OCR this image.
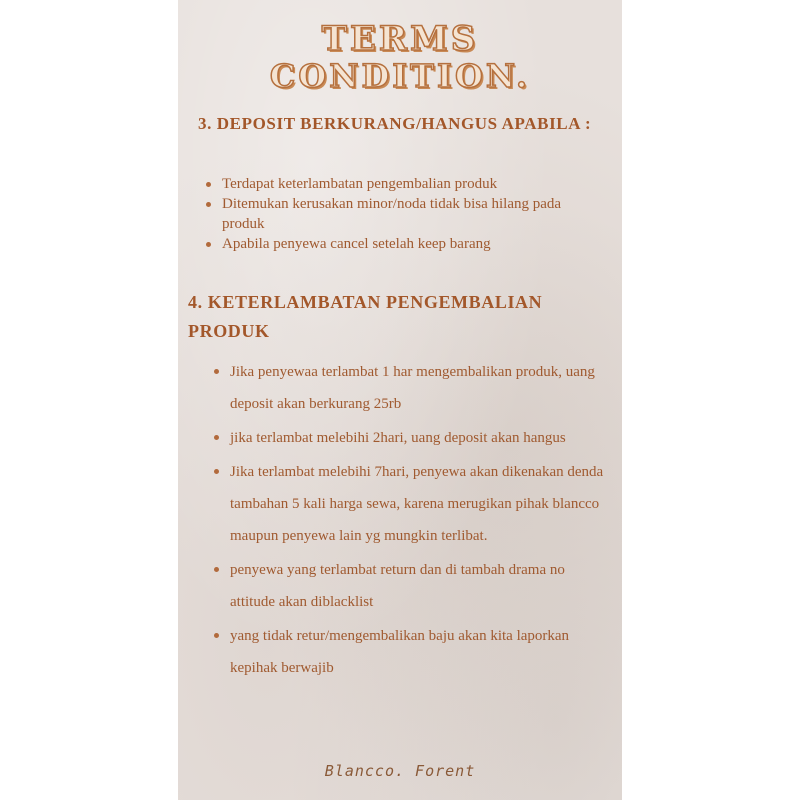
TERMS
CONDITION.
3. DEPOSIT BERKURANG/HANGUS APABILA :
Terdapat keterlambatan pengembalian produk
Ditemukan kerusakan minor/noda tidak bisa hilang pada produk
Apabila penyewa cancel setelah keep barang
4. KETERLAMBATAN PENGEMBALIAN PRODUK
Jika penyewaa terlambat 1 har mengembalikan produk, uang deposit akan berkurang 25rb
jika terlambat melebihi 2hari, uang deposit akan hangus
Jika terlambat melebihi 7hari, penyewa akan dikenakan denda tambahan 5 kali harga sewa, karena merugikan pihak blancco maupun penyewa lain yg mungkin terlibat.
penyewa yang terlambat return dan di tambah drama no attitude akan diblacklist
yang tidak retur/mengembalikan baju akan kita laporkan kepihak berwajib
Blancco. Forent
